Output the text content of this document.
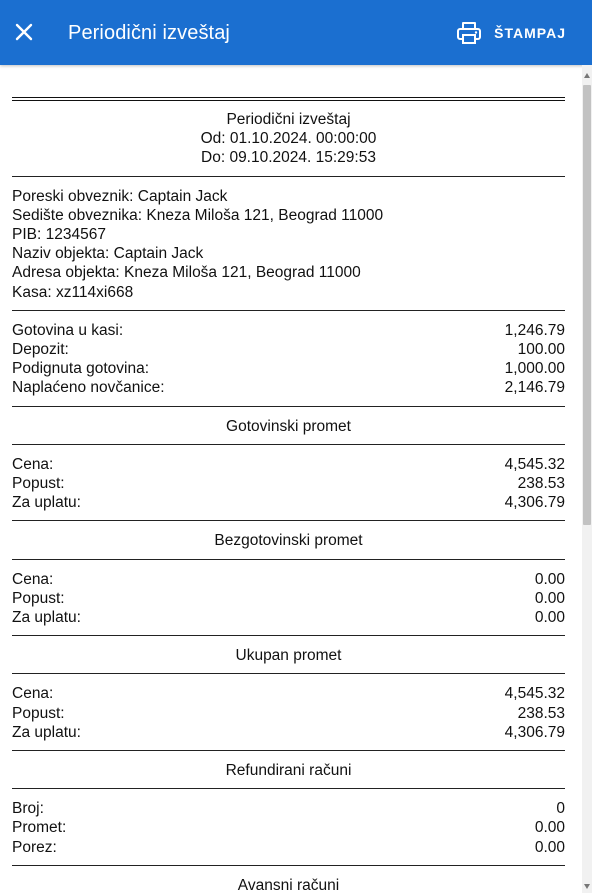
Periodični izveštaj	ŠTAMPAJ
Periodični izveštaj
Od: 01.10.2024. 00:00:00
Do: 09.10.2024. 15:29:53
Poreski obveznik: Captain Jack
Sedište obveznika: Kneza Miloša 121, Beograd 11000
PIB: 1234567
Naziv objekta: Captain Jack
Adresa objekta: Kneza Miloša 121, Beograd 11000
Kasa: xz114xi668
Gotovina u kasi:	1,246.79
Depozit:	100.00
Podignuta gotovina:	1,000.00
Naplaćeno novčanice:	2,146.79
Gotovinski promet
Cena:	4,545.32
Popust:	238.53
Za uplatu:	4,306.79
Bezgotovinski promet
Cena:	0.00
Popust:	0.00
Za uplatu:	0.00
Ukupan promet
Cena:	4,545.32
Popust:	238.53
Za uplatu:	4,306.79
Refundirani računi
Broj:	0
Promet:	0.00
Porez:	0.00
Avansni računi
